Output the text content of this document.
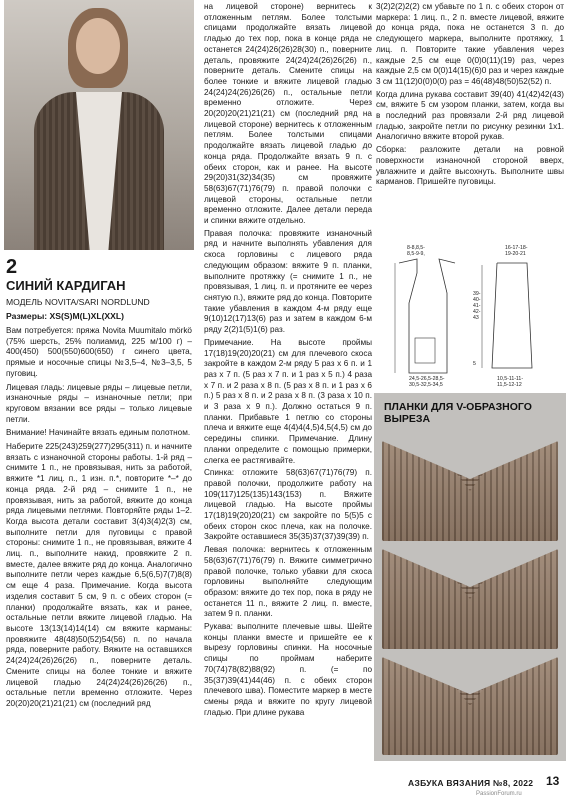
2
СИНИЙ КАРДИГАН
МОДЕЛЬ NOVITA/SARI NORDLUND
Размеры: XS(S)M(L)XL(XXL)

Вам потребуется: пряжа Novita Muumitalo mörkö (75% шерсть, 25% полиамид, 225 м/100 г) – 400(450) 500(550)600(650) г синего цвета, прямые и носочные спицы №3,5–4, №3–3,5, 5 пуговиц.

Лицевая гладь: лицевые ряды – лицевые петли, изнаночные ряды – изнаночные петли; при круговом вязании все ряды – только лицевые петли.

Внимание! Начинайте вязать единым полотном.

Наберите 225(243)259(277)295(311) п. и начните вязать с изнаночной стороны работы. 1-й ряд – снимите 1 п., не провязывая, нить за работой, вяжите *1 лиц. п., 1 изн. п.*, повторите *–* до конца ряда. 2-й ряд – снимите 1 п., не провязывая, нить за работой, вяжите до конца ряда лицевыми петлями. Повторяйте ряды 1–2. Когда высота детали составит 3(4)3(4)2(3) см, выполните петли для пуговицы с правой стороны: снимите 1 п., не провязывая, вяжите 4 лиц. п., выполните накид, провяжите 2 п. вместе, далее вяжите ряд до конца. Аналогично выполните петли через каждые 6,5(6,5)7(7)8(8) см еще 4 раза. Примечание. Когда высота изделия составит 5 см, 9 п. с обеих сторон (= планки) продолжайте вязать, как и ранее, остальные петли вяжите лицевой гладью. На высоте 13(13(14)14(14) см вяжите карманы: провяжите 48(48)50(52)54(56) п. по начала ряда, поверните работу. Вяжите на оставшихся 24(24)24(26)26(26) п., поверните деталь. Смените спицы на более тонкие и вяжите лицевой гладью 24(24)24(26)26(26) п., остальные петли временно отложите. Через 20(20)20(21)21(21) см (последний ряд

на лицевой стороне) вернитесь к отложенным петлям. Более толстыми спицами продолжайте вязать лицевой гладью до тех пор, пока в конце ряда не останется 24(24)26(26)28(30) п., поверните деталь, провяжите 24(24)24(26)26(26) п., поверните деталь. Смените спицы на более тонкие и вяжите лицевой гладью 24(24)24(26)26(26) п., остальные петли временно отложите. Через 20(20)20(21)21(21) см (последний ряд на лицевой стороне) вернитесь к отложенным петлям. Более толстыми спицами продолжайте вязать лицевой гладью до конца ряда. Продолжайте вязать 9 п. с обеих сторон, как и ранее. На высоте 29(20)31(32)34(35) см провяжите 58(63)67(71)76(79) п. правой полочки с лицевой стороны, остальные петли временно отложите. Далее детали переда и спинки вяжите отдельно.

Правая полочка: провяжите изнаночный ряд и начните выполнять убавления для скоса горловины с лицевого ряда следующим образом: вяжите 9 п. планки, выполните протяжку (= снимите 1 п., не провязывая, 1 лиц. п. и протяните ее через снятую п.), вяжите ряд до конца. Повторите такие убавления в каждом 4-м ряду еще 9(10)12(17)13(6) раз и затем в каждом 6-м ряду 2(2)1(5)1(6) раз.

Примечание. На высоте проймы 17(18)19(20)20(21) см для плечевого скоса закройте в каждом 2-м ряду 5 раз х 6 п. и 1 раз х 7 п. (5 раз х 7 п. и 1 раз х 5 п.) 4 раза х 7 п. и 2 раза х 8 п. (5 раз х 8 п. и 1 раз х 6 п.) 5 раз х 8 п. и 2 раза х 8 п. (3 раза х 10 п. и 3 раза х 9 п.). Должно остаться 9 п. планки. Прибавьте 1 петлю со стороны плеча и вяжите еще 4(4)4(4,5)4,5(4,5) см до середины спинки. Примечание. Длину планки определите с помощью примерки, слегка ее растягивайте.

Спинка: отложите 58(63)67(71)76(79) п. правой полочки, продолжите работу на 109(117)125(135)143(153) п. Вяжите лицевой гладью. На высоте проймы 17(18)19(20)20(21) см закройте по 5(5)5 с обеих сторон скос плеча, как на полочке. Закройте оставшиеся 35(35)37(37)39(39) п.

Левая полочка: вернитесь к отложенным 58(63)67(71)76(79) п. Вяжите симметрично правой полочке, только убавки для скоса горловины выполняйте следующим образом: вяжите до тех пор, пока в ряду не останется 11 п., вяжите 2 лиц. п. вместе, затем 9 п. планки.

Рукава: выполните плечевые швы. Шейте концы планки вместе и пришейте ее к вырезу горловины спинки. На носочные спицы по проймам наберите 70(74)78(82)88(92) п. (= по 35(37)39(41)44(46) п. с обеих сторон плечевого шва). Поместите маркер в месте смены ряда и вяжите по кругу лицевой гладью. При длине рукава

3(2)2(2)2(2) см убавьте по 1 п. с обеих сторон от маркера: 1 лиц. п., 2 п. вместе лицевой, вяжите до конца ряда, пока не останется 3 п. до следующего маркера, выполните протяжку, 1 лиц. п. Повторите такие убавления через каждые 2,5 см еще 0(0)0(11)(19) раз, через каждые 2,5 см 0(0)14(15)(6)0 раз и через каждые 3 см 11(12)0(0)0(0) раз = 46(48)48(50)52(52) п.

Когда длина рукава составит 39(40) 41(42)42(43) см, вяжите 5 см узором планки, затем, когда вы в последний раз провязали 2-й ряд лицевой гладью, закройте петли по рисунку резинки 1x1. Аналогично вяжите второй рукав.

Сборка: разложите детали на ровной поверхности изнаночной стороной вверх, увлажните и дайте высохнуть. Выполните швы карманов. Пришейте пуговицы.

8-8,8,5-
8,5-9-9,
16-17-18-
19-20-21
39-
40-
41-
42-
43
5
24,5-26,5-28,5-
30,5-32,5-34,5
10,5-11-11-
11,5-12-12
ПЛАНКИ ДЛЯ V-ОБРАЗНОГО ВЫРЕЗА
АЗБУКА ВЯЗАНИЯ №8, 2022 13
PassionForum.ru
